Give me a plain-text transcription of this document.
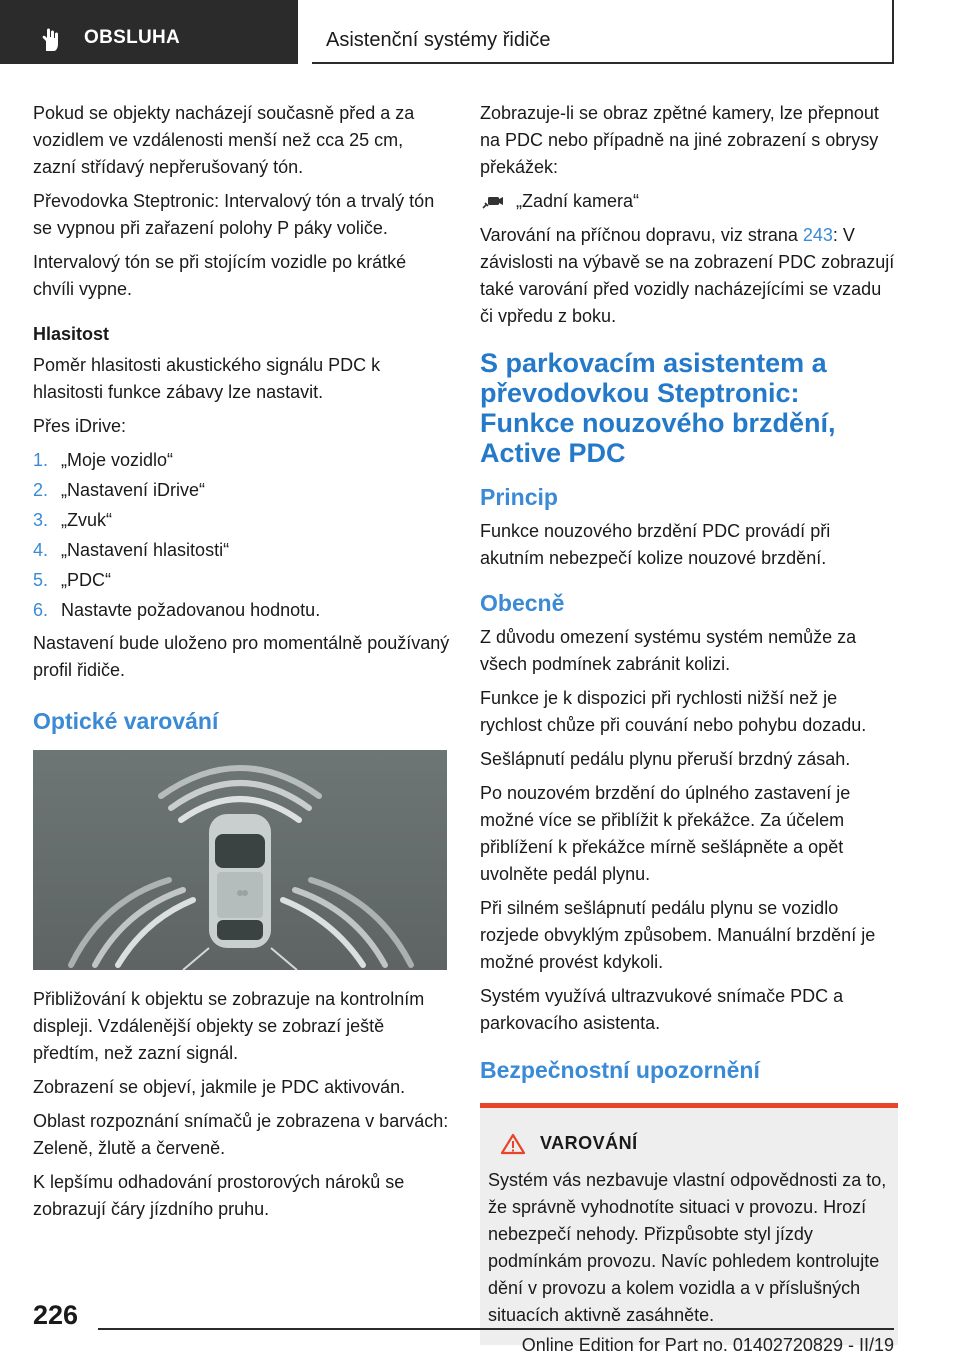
OBSLUHA	Asistenční systémy řidiče

Pokud se objekty nacházejí současně před a za vozidlem ve vzdálenosti menší než cca 25 cm, zazní střídavý nepřerušovaný tón.

Převodovka Steptronic: Intervalový tón a trvalý tón se vypnou při zařazení polohy P páky voliče.

Intervalový tón se při stojícím vozidle po krátké chvíli vypne.

Hlasitost

Poměr hlasitosti akustického signálu PDC k hlasitosti funkce zábavy lze nastavit.

Přes iDrive:

1. „Moje vozidlo“
2. „Nastavení iDrive“
3. „Zvuk“
4. „Nastavení hlasitosti“
5. „PDC“
6. Nastavte požadovanou hodnotu.

Nastavení bude uloženo pro momentálně používaný profil řidiče.

Optické varování

Přibližování k objektu se zobrazuje na kontrolním displeji. Vzdálenější objekty se zobrazí ještě předtím, než zazní signál.

Zobrazení se objeví, jakmile je PDC aktivován.

Oblast rozpoznání snímačů je zobrazena v barvách: Zeleně, žlutě a červeně.

K lepšímu odhadování prostorových nároků se zobrazují čáry jízdního pruhu.

Zobrazuje-li se obraz zpětné kamery, lze přepnout na PDC nebo případně na jiné zobrazení s obrysy překážek:

„Zadní kamera“

Varování na příčnou dopravu, viz strana 243: V závislosti na výbavě se na zobrazení PDC zobrazují také varování před vozidly nacházejícími se vzadu či vpředu z boku.

S parkovacím asistentem a převodovkou Steptronic: Funkce nouzového brzdění, Active PDC
Princip

Funkce nouzového brzdění PDC provádí při akutním nebezpečí kolize nouzové brzdění.

Obecně

Z důvodu omezení systému systém nemůže za všech podmínek zabránit kolizi.

Funkce je k dispozici při rychlosti nižší než je rychlost chůze při couvání nebo pohybu dozadu.

Sešlápnutí pedálu plynu přeruší brzdný zásah.

Po nouzovém brzdění do úplného zastavení je možné více se přiblížit k překážce. Za účelem přiblížení k překážce mírně sešlápněte a opět uvolněte pedál plynu.

Při silném sešlápnutí pedálu plynu se vozidlo rozjede obvyklým způsobem. Manuální brzdění je možné provést kdykoli.

Systém využívá ultrazvukové snímače PDC a parkovacího asistenta.

Bezpečnostní upozornění
VAROVÁNÍ

Systém vás nezbavuje vlastní odpovědnosti za to, že správně vyhodnotíte situaci v provozu. Hrozí nebezpečí nehody. Přizpůsobte styl jízdy podmínkám provozu. Navíc pohledem kontrolujte dění v provozu a kolem vozidla a v příslušných situacích aktivně zasáhněte.

226
Online Edition for Part no. 01402720829 - II/19
